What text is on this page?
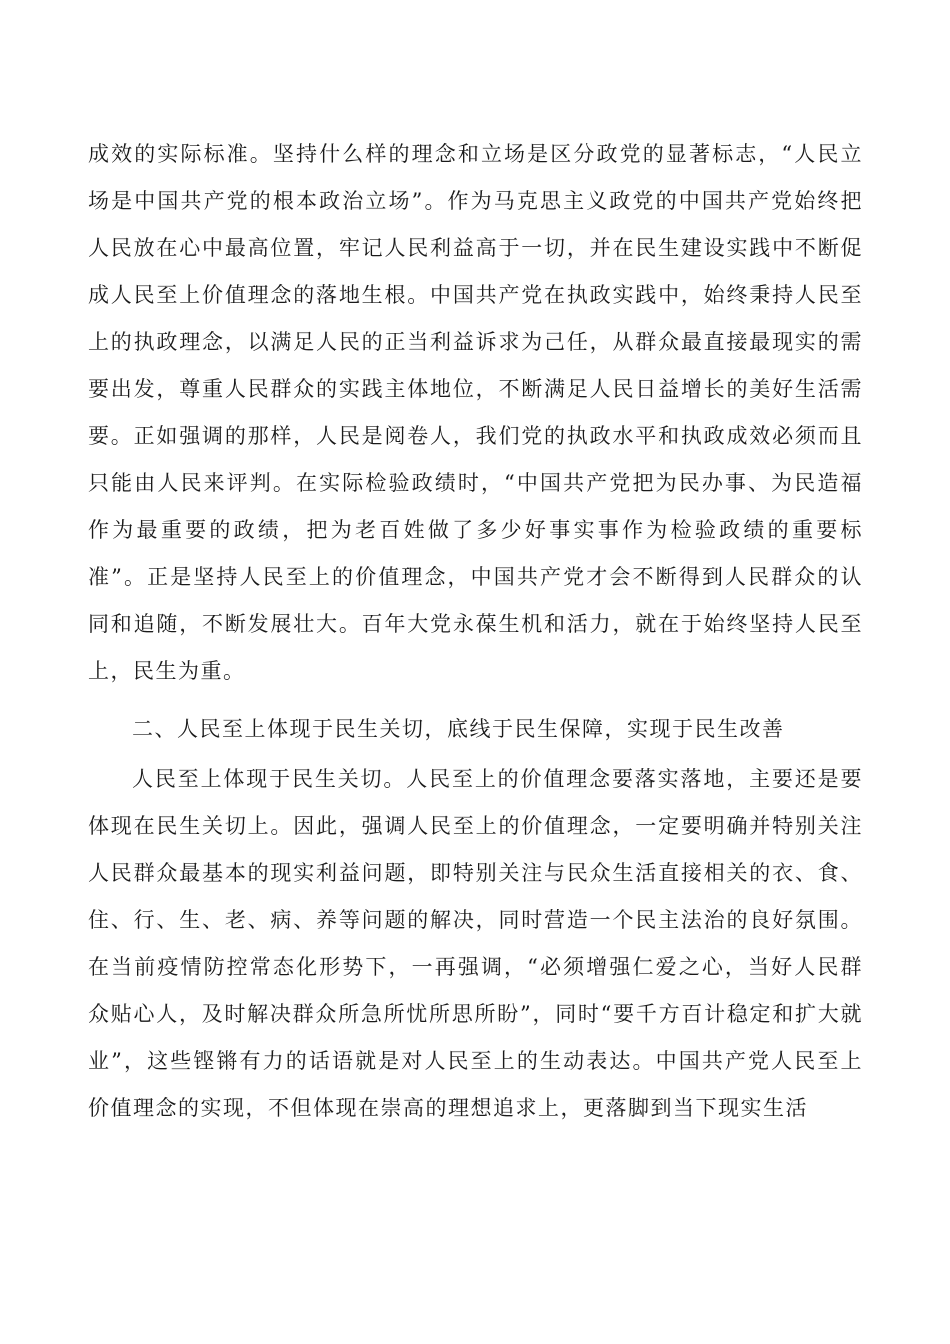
成效的实际标准。坚持什么样的理念和立场是区分政党的显著标志，“人民立场是中国共产党的根本政治立场”。作为马克思主义政党的中国共产党始终把人民放在心中最高位置，牢记人民利益高于一切，并在民生建设实践中不断促成人民至上价值理念的落地生根。中国共产党在执政实践中，始终秉持人民至上的执政理念，以满足人民的正当利益诉求为己任，从群众最直接最现实的需要出发，尊重人民群众的实践主体地位，不断满足人民日益增长的美好生活需要。正如强调的那样，人民是阅卷人，我们党的执政水平和执政成效必须而且只能由人民来评判。在实际检验政绩时，“中国共产党把为民办事、为民造福作为最重要的政绩，把为老百姓做了多少好事实事作为检验政绩的重要标准”。正是坚持人民至上的价值理念，中国共产党才会不断得到人民群众的认同和追随，不断发展壮大。百年大党永葆生机和活力，就在于始终坚持人民至上，民生为重。

二、人民至上体现于民生关切，底线于民生保障，实现于民生改善

人民至上体现于民生关切。人民至上的价值理念要落实落地，主要还是要体现在民生关切上。因此，强调人民至上的价值理念，一定要明确并特别关注人民群众最基本的现实利益问题，即特别关注与民众生活直接相关的衣、食、住、行、生、老、病、养等问题的解决，同时营造一个民主法治的良好氛围。在当前疫情防控常态化形势下，一再强调，“必须增强仁爱之心，当好人民群众贴心人，及时解决群众所急所忧所思所盼”，同时“要千方百计稳定和扩大就业”，这些铿锵有力的话语就是对人民至上的生动表达。中国共产党人民至上价值理念的实现，不但体现在崇高的理想追求上，更落脚到当下现实生活
